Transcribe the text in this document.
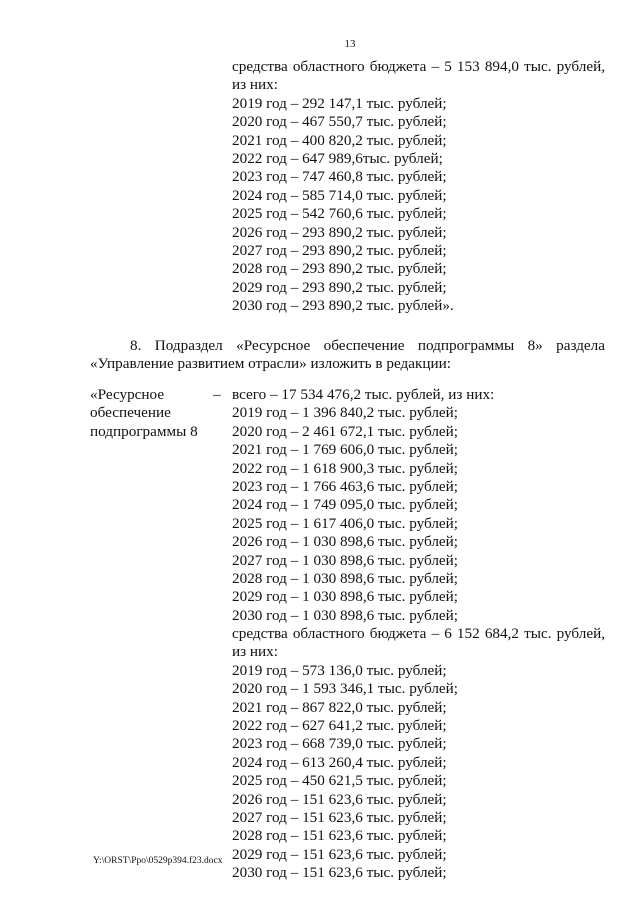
13
средства областного бюджета – 5 153 894,0 тыс. рублей,
из них:
2019 год – 292 147,1 тыс. рублей;
2020 год – 467 550,7 тыс. рублей;
2021 год – 400 820,2 тыс. рублей;
2022 год – 647 989,6тыс. рублей;
2023 год – 747 460,8 тыс. рублей;
2024 год – 585 714,0 тыс. рублей;
2025 год – 542 760,6 тыс. рублей;
2026 год – 293 890,2 тыс. рублей;
2027 год – 293 890,2 тыс. рублей;
2028 год – 293 890,2 тыс. рублей;
2029 год – 293 890,2 тыс. рублей;
2030 год – 293 890,2 тыс. рублей».
8. Подраздел «Ресурсное обеспечение подпрограммы 8» раздела
«Управление развитием отрасли» изложить в редакции:
«Ресурсное
обеспечение
подпрограммы 8
– всего – 17 534 476,2 тыс. рублей, из них:
2019 год – 1 396 840,2 тыс. рублей;
2020 год – 2 461 672,1 тыс. рублей;
2021 год – 1 769 606,0 тыс. рублей;
2022 год – 1 618 900,3 тыс. рублей;
2023 год – 1 766 463,6 тыс. рублей;
2024 год – 1 749 095,0 тыс. рублей;
2025 год – 1 617 406,0 тыс. рублей;
2026 год – 1 030 898,6 тыс. рублей;
2027 год – 1 030 898,6 тыс. рублей;
2028 год – 1 030 898,6 тыс. рублей;
2029 год – 1 030 898,6 тыс. рублей;
2030 год – 1 030 898,6 тыс. рублей;
средства областного бюджета – 6 152 684,2 тыс. рублей,
из них:
2019 год – 573 136,0 тыс. рублей;
2020 год – 1 593 346,1 тыс. рублей;
2021 год – 867 822,0 тыс. рублей;
2022 год – 627 641,2 тыс. рублей;
2023 год – 668 739,0 тыс. рублей;
2024 год – 613 260,4 тыс. рублей;
2025 год – 450 621,5 тыс. рублей;
2026 год – 151 623,6 тыс. рублей;
2027 год – 151 623,6 тыс. рублей;
2028 год – 151 623,6 тыс. рублей;
2029 год – 151 623,6 тыс. рублей;
2030 год – 151 623,6 тыс. рублей;
Y:\ORST\Ppo\0529p394.f23.docx
